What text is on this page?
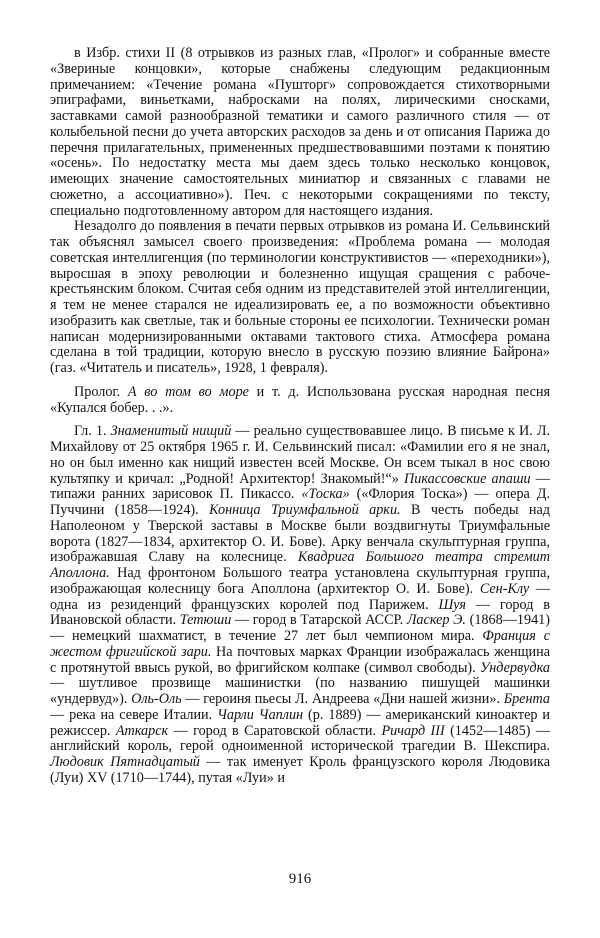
в Избр. стихи II (8 отрывков из разных глав, «Пролог» и собранные вместе «Звериные концовки», которые снабжены следующим редакционным примечанием: «Течение романа «Пушторг» сопровождается стихотворными эпиграфами, виньетками, набросками на полях, лирическими сносками, заставками самой разнообразной тематики и самого различного стиля — от колыбельной песни до учета авторских расходов за день и от описания Парижа до перечня прилагательных, примененных предшествовавшими поэтами к понятию «осень». По недостатку места мы даем здесь только несколько концовок, имеющих значение самостоятельных миниатюр и связанных с главами не сюжетно, а ассоциативно»). Печ. с некоторыми сокращениями по тексту, специально подготовленному автором для настоящего издания.

Незадолго до появления в печати первых отрывков из романа И. Сельвинский так объяснял замысел своего произведения: «Проблема романа — молодая советская интеллигенция (по терминологии конструктивистов — «переходники»), выросшая в эпоху революции и болезненно ищущая сращения с рабоче-крестьянским блоком. Считая себя одним из представителей этой интеллигенции, я тем не менее старался не идеализировать ее, а по возможности объективно изобразить как светлые, так и больные стороны ее психологии. Технически роман написан модернизированными октавами тактового стиха. Атмосфера романа сделана в той традиции, которую внесло в русскую поэзию влияние Байрона» (газ. «Читатель и писатель», 1928, 1 февраля).

Пролог. А во том во море и т. д. Использована русская народная песня «Купался бобер. . .».

Гл. 1. Знаменитый нищий — реально существовавшее лицо. В письме к И. Л. Михайлову от 25 октября 1965 г. И. Сельвинский писал: «Фамилии его я не знал, но он был именно как нищий известен всей Москве. Он всем тыкал в нос свою культяпку и кричал: „Родной! Архитектор! Знакомый!“» Пикассовские апаши — типажи ранних зарисовок П. Пикассо. «Тоска» («Флория Тоска») — опера Д. Пуччини (1858—1924). Конница Триумфальной арки. В честь победы над Наполеоном у Тверской заставы в Москве были воздвигнуты Триумфальные ворота (1827—1834, архитектор О. И. Бове). Арку венчала скульптурная группа, изображавшая Славу на колеснице. Квадрига Большого театра стремит Аполлона. Над фронтоном Большого театра установлена скульптурная группа, изображающая колесницу бога Аполлона (архитектор О. И. Бове). Сен-Клу — одна из резиденций французских королей под Парижем. Шуя — город в Ивановской области. Тетюши — город в Татарской АССР. Ласкер Э. (1868—1941) — немецкий шахматист, в течение 27 лет был чемпионом мира. Франция с жестом фригийской зари. На почтовых марках Франции изображалась женщина с протянутой ввысь рукой, во фригийском колпаке (символ свободы). Ундервудка — шутливое прозвище машинистки (по названию пишущей машинки «ундервуд»). Оль-Оль — героиня пьесы Л. Андреева «Дни нашей жизни». Брента — река на севере Италии. Чарли Чаплин (р. 1889) — американский киноактер и режиссер. Аткарск — город в Саратовской области. Ричард III (1452—1485) — английский король, герой одноименной исторической трагедии В. Шекспира. Людовик Пятнадцатый — так именует Кроль французского короля Людовика (Луи) XV (1710—1744), путая «Луи» и

916
